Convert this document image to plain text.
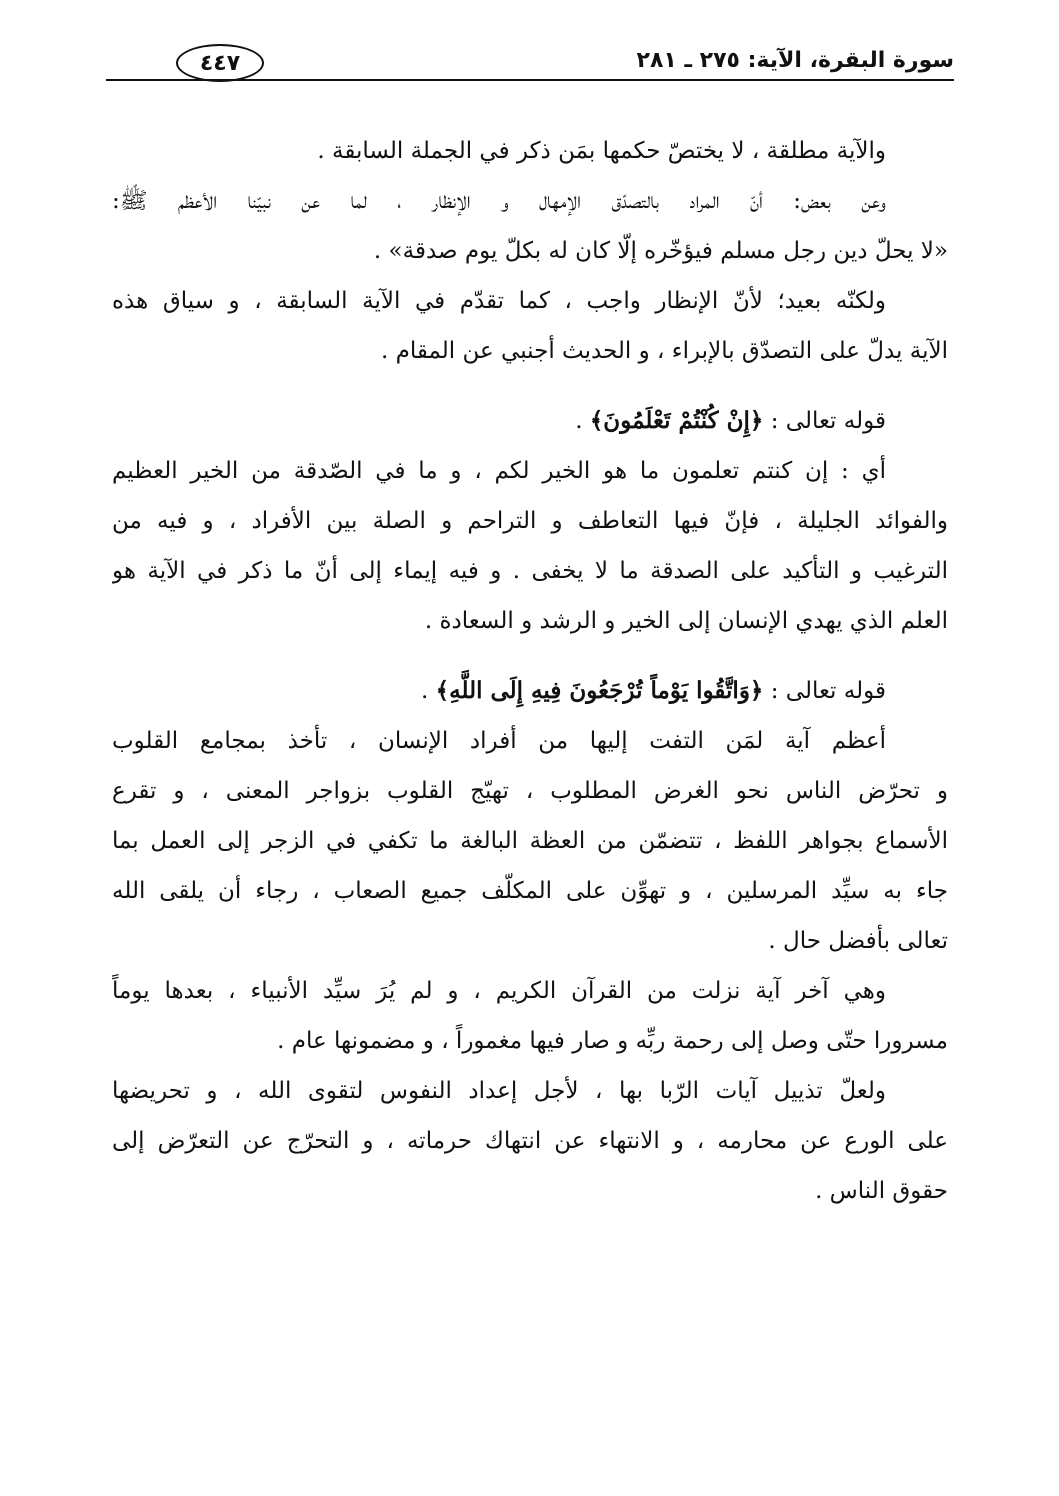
سورة البقرة، الآية: ٢٧٥ ـ ٢٨١
٤٤٧
والآية مطلقة ، لا يختصّ حكمها بمَن ذكر في الجملة السابقة .
وعن بعض: أنّ المراد بالتصدّق الإمهال و الإنظار ، لما عن نبيّنا الأعظم ﷺ:
«لا يحلّ دين رجل مسلم فيؤخّره إلّا كان له بكلّ يوم صدقة» .
ولكنّه بعيد؛ لأنّ الإنظار واجب ، كما تقدّم في الآية السابقة ، و سياق هذه
الآية يدلّ على التصدّق بالإبراء ، و الحديث أجنبي عن المقام .
قوله تعالى : ﴿إِنْ كُنْتُمْ تَعْلَمُونَ﴾ .
أي : إن كنتم تعلمون ما هو الخير لكم ، و ما في الصّدقة من الخير العظيم
والفوائد الجليلة ، فإنّ فيها التعاطف و التراحم و الصلة بين الأفراد ، و فيه من
الترغيب و التأكيد على الصدقة ما لا يخفى . و فيه إيماء إلى أنّ ما ذكر في الآية هو
العلم الذي يهدي الإنسان إلى الخير و الرشد و السعادة .
قوله تعالى : ﴿وَاتَّقُوا يَوْماً تُرْجَعُونَ فِيهِ إِلَى اللَّهِ﴾ .
أعظم آية لمَن التفت إليها من أفراد الإنسان ، تأخذ بمجامع القلوب
و تحرّض الناس نحو الغرض المطلوب ، تهيّج القلوب بزواجر المعنى ، و تقرع
الأسماع بجواهر اللفظ ، تتضمّن من العظة البالغة ما تكفي في الزجر إلى العمل بما
جاء به سيِّد المرسلين ، و تهوِّن على المكلّف جميع الصعاب ، رجاء أن يلقى الله
تعالى بأفضل حال .
وهي آخر آية نزلت من القرآن الكريم ، و لم يُرَ سيِّد الأنبياء ، بعدها يوماً
مسرورا حتّى وصل إلى رحمة ربِّه و صار فيها مغموراً ، و مضمونها عام .
ولعلّ تذييل آيات الرّبا بها ، لأجل إعداد النفوس لتقوى الله ، و تحريضها
على الورع عن محارمه ، و الانتهاء عن انتهاك حرماته ، و التحرّج عن التعرّض إلى
حقوق الناس .
